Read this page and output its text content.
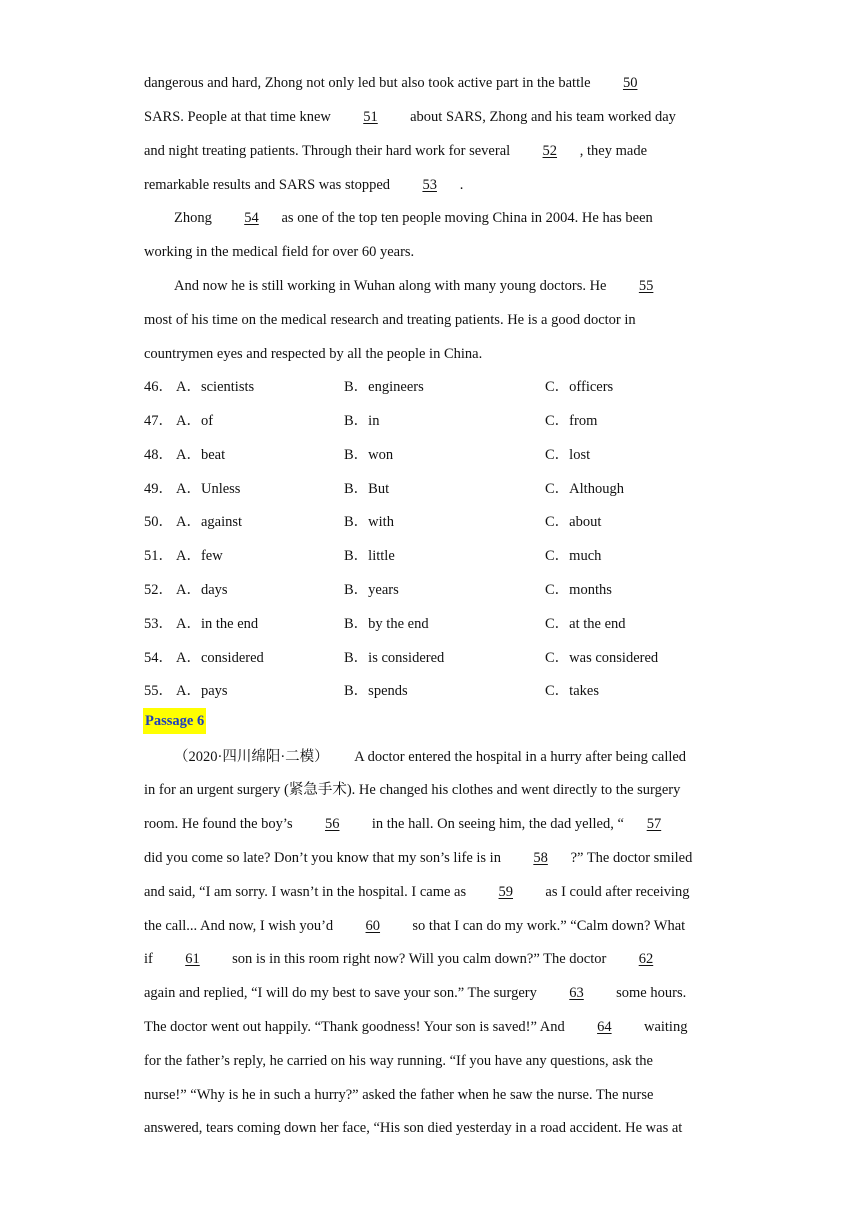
dangerous and hard, Zhong not only led but also took active part in the battle 50
SARS. People at that time knew 51 about SARS, Zhong and his team worked day
and night treating patients. Through their hard work for several 52 , they made
remarkable results and SARS was stopped 53 .
Zhong 54 as one of the top ten people moving China in 2004. He has been
working in the medical field for over 60 years.
And now he is still working in Wuhan along with many young doctors. He 55
most of his time on the medical research and treating patients. He is a good doctor in
countrymen eyes and respected by all the people in China.
46． A．scientists	B．engineers	C．officers
47． A．of	B．in	C．from
48． A．beat	B．won	C．lost
49． A．Unless	B．But	C．Although
50． A．against	B．with	C．about
51． A．few	B．little	C．much
52． A．days	B．years	C．months
53． A．in the end	B．by the end	C．at the end
54． A．considered	B．is considered	C．was considered
55． A．pays	B．spends	C．takes
Passage 6
（2020·四川绵阳·二模） A doctor entered the hospital in a hurry after being called
in for an urgent surgery (紧急手术). He changed his clothes and went directly to the surgery
room. He found the boy’s 56 in the hall. On seeing him, the dad yelled, “ 57
did you come so late? Don’t you know that my son’s life is in 58 ?” The doctor smiled
and said, “I am sorry. I wasn’t in the hospital. I came as 59 as I could after receiving
the call... And now, I wish you’d 60 so that I can do my work.” “Calm down? What
if 61 son is in this room right now? Will you calm down?” The doctor 62
again and replied, “I will do my best to save your son.” The surgery 63 some hours.
The doctor went out happily. “Thank goodness! Your son is saved!” And 64 waiting
for the father’s reply, he carried on his way running. “If you have any questions, ask the
nurse!” “Why is he in such a hurry?” asked the father when he saw the nurse. The nurse
answered, tears coming down her face, “His son died yesterday in a road accident. He was at
